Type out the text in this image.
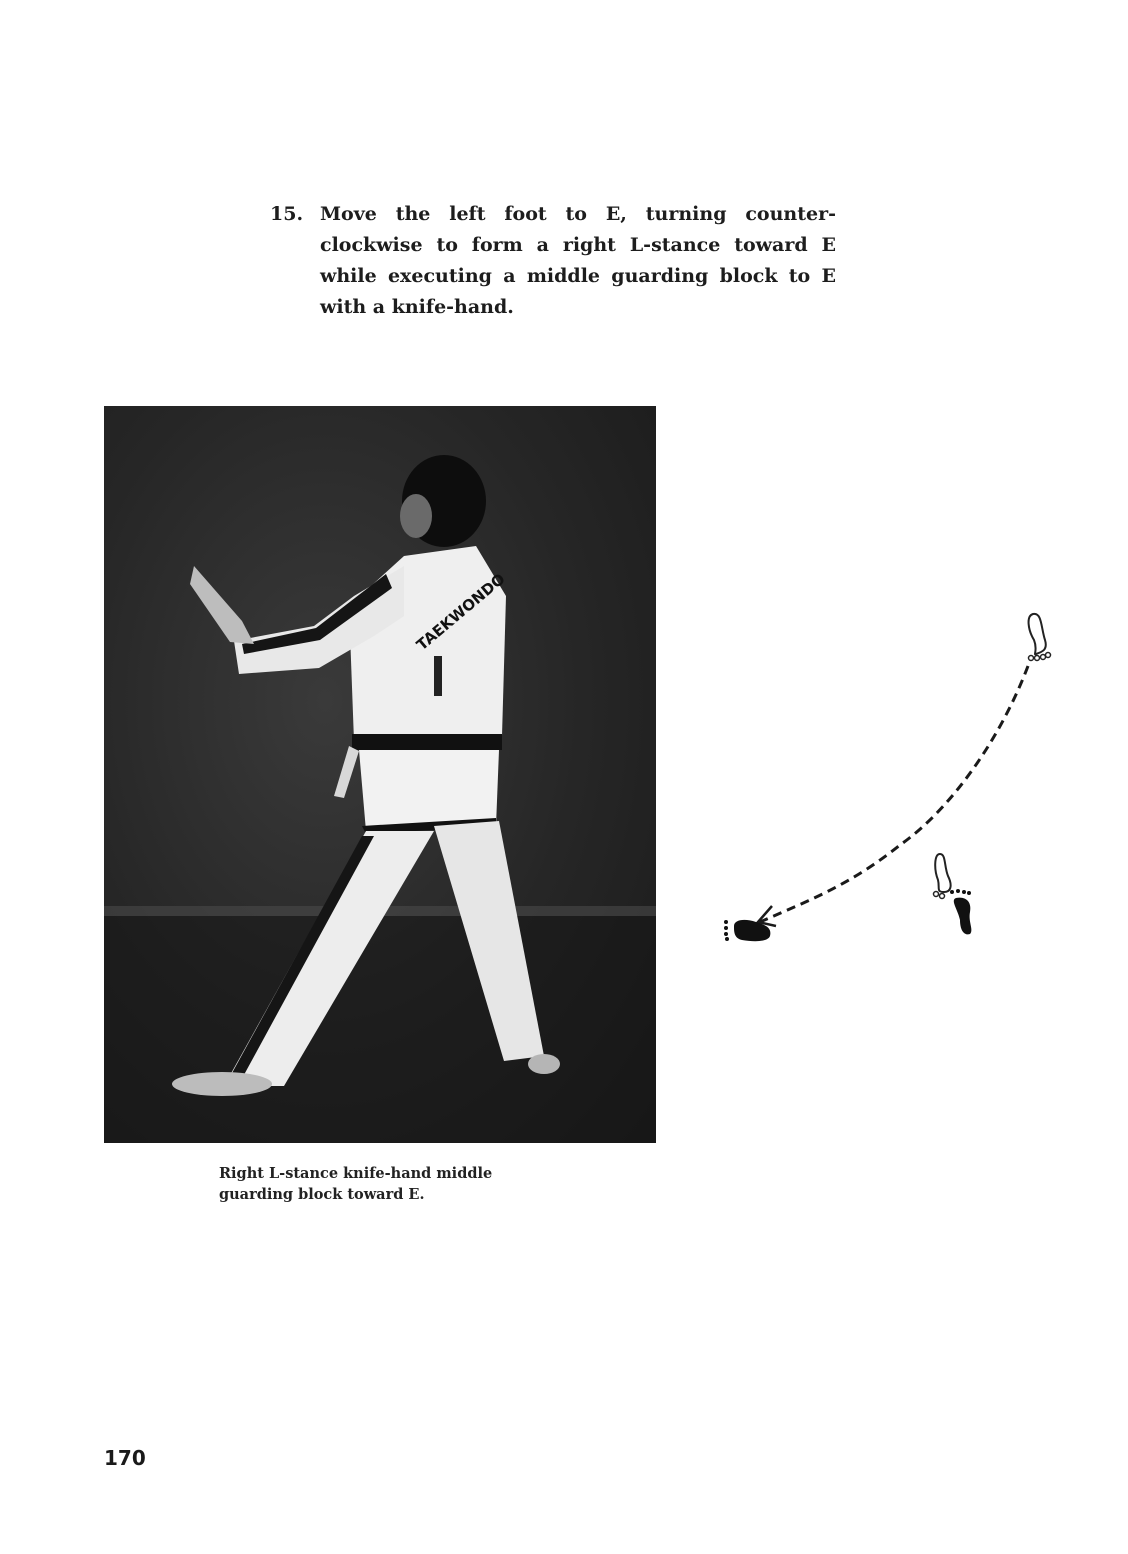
15. Move the left foot to E, turning counter-clockwise to form a right L-stance toward E while executing a middle guarding block to E with a knife-hand.
TAEKWONDO
Right L-stance knife-hand middle guarding block toward E.
170
